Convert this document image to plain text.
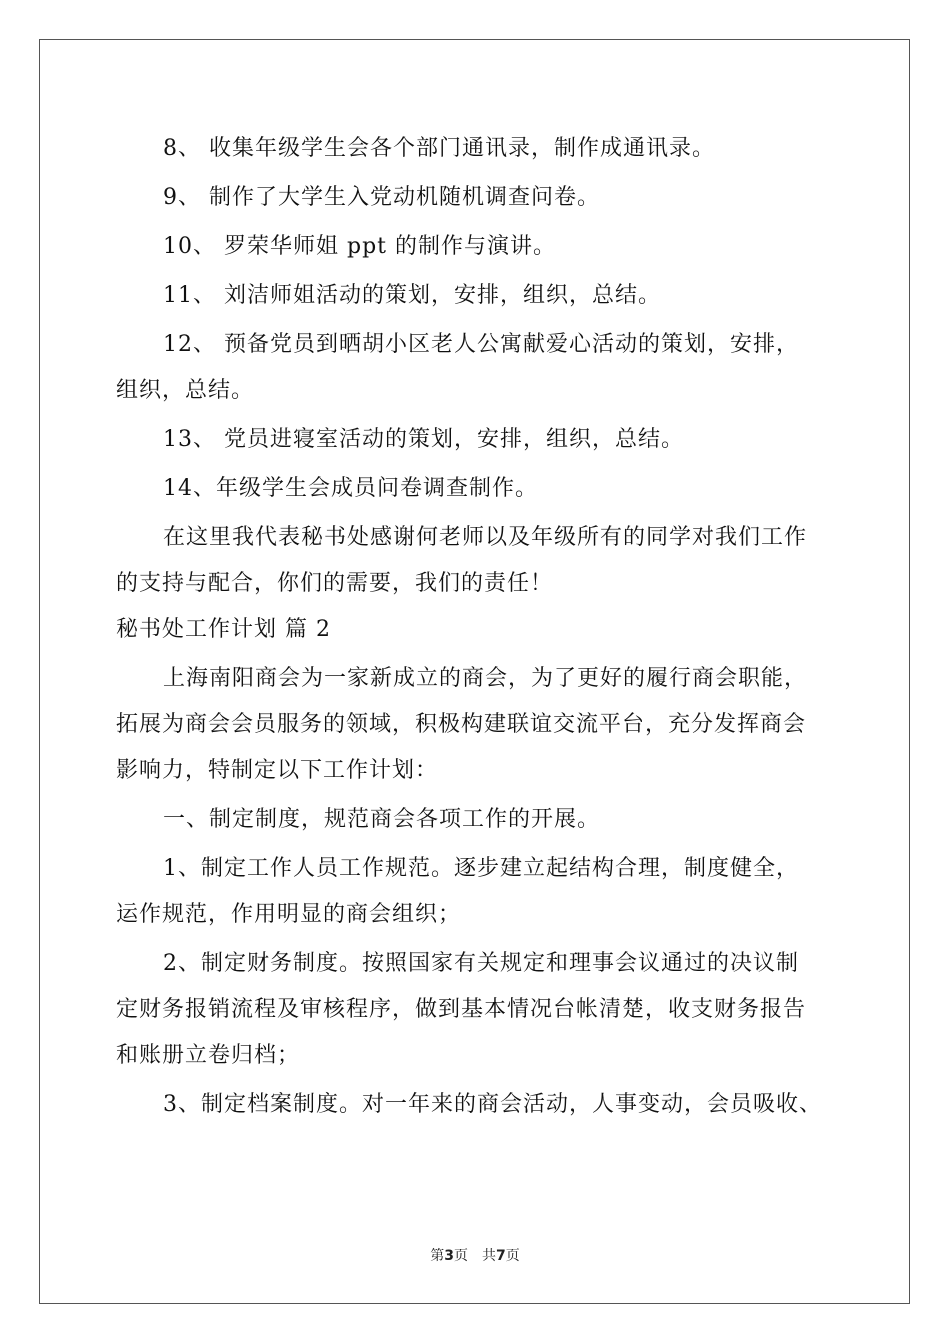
8、 收集年级学生会各个部门通讯录，制作成通讯录。
9、 制作了大学生入党动机随机调查问卷。
10、 罗荣华师姐 ppt 的制作与演讲。
11、 刘洁师姐活动的策划，安排，组织，总结。
12、 预备党员到晒胡小区老人公寓献爱心活动的策划，安排，
组织，总结。
13、 党员进寝室活动的策划，安排，组织，总结。
14、年级学生会成员问卷调查制作。
在这里我代表秘书处感谢何老师以及年级所有的同学对我们工作
的支持与配合，你们的需要，我们的责任！
秘书处工作计划 篇 2
上海南阳商会为一家新成立的商会，为了更好的履行商会职能，
拓展为商会会员服务的领域，积极构建联谊交流平台，充分发挥商会
影响力，特制定以下工作计划：
一、制定制度，规范商会各项工作的开展。
1、制定工作人员工作规范。逐步建立起结构合理，制度健全，
运作规范，作用明显的商会组织；
2、制定财务制度。按照国家有关规定和理事会议通过的决议制
定财务报销流程及审核程序，做到基本情况台帐清楚，收支财务报告
和账册立卷归档；
3、制定档案制度。对一年来的商会活动，人事变动，会员吸收、
第3页　共7页
